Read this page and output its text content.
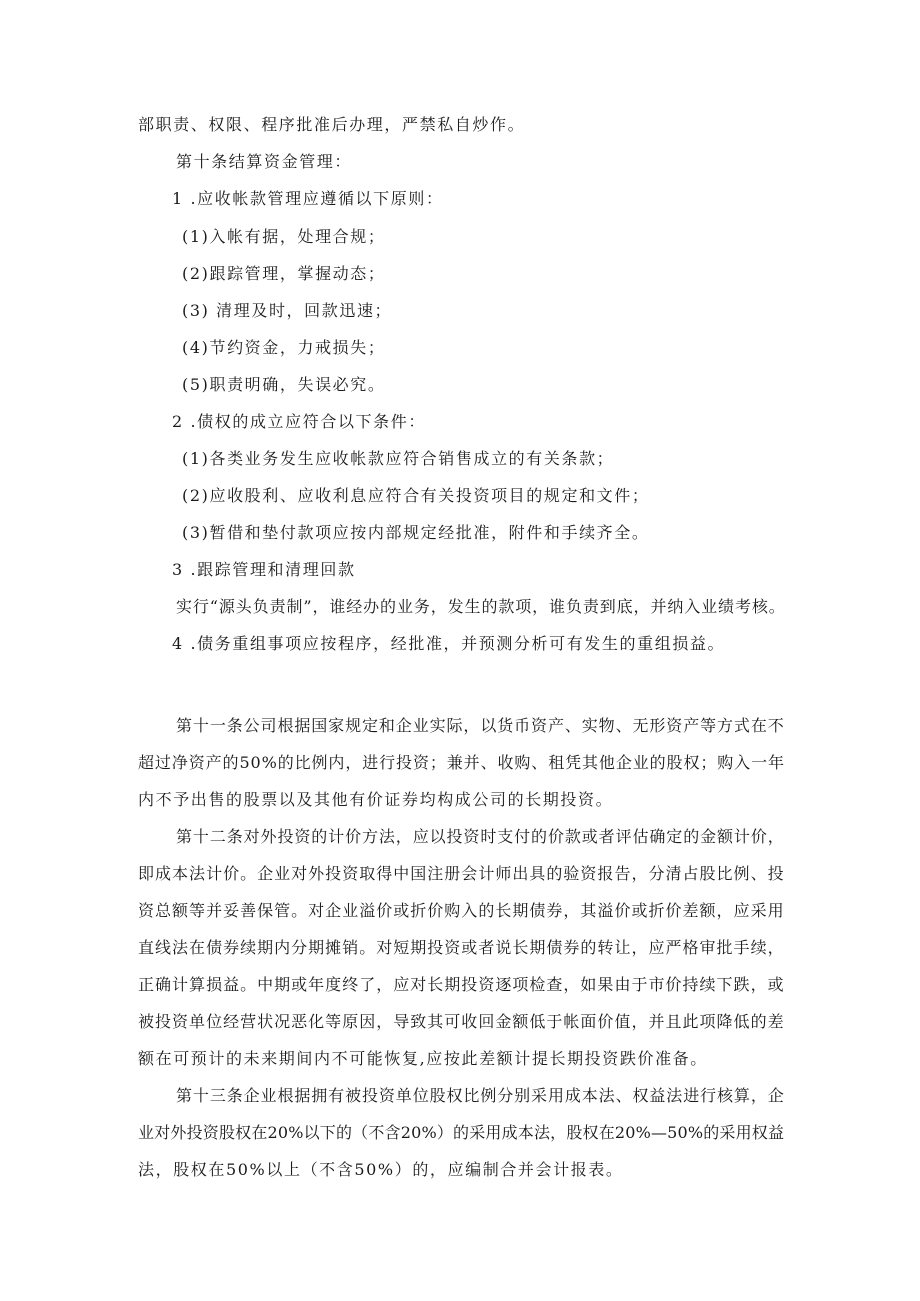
部职责、权限、程序批准后办理，严禁私自炒作。

第十条结算资金管理：

1 .应收帐款管理应遵循以下原则：

(1)入帐有据，处理合规；

(2)跟踪管理，掌握动态；

(3) 清理及时，回款迅速；

(4)节约资金，力戒损失；

(5)职责明确，失误必究。

2 .债权的成立应符合以下条件：

(1)各类业务发生应收帐款应符合销售成立的有关条款；

(2)应收股利、应收利息应符合有关投资项目的规定和文件；

(3)暂借和垫付款项应按内部规定经批准，附件和手续齐全。

3 .跟踪管理和清理回款

实行“源头负责制”，谁经办的业务，发生的款项，谁负责到底，并纳入业绩考核。

4 .债务重组事项应按程序，经批准，并预测分析可有发生的重组损益。

第 十 一 条 公 司 根 据 国 家 规 定 和 企 业 实 际 ， 以 货 币 资 产 、 实 物 、 无 形 资 产 等 方 式 在 不

超 过 净 资 产 的 5 0 % 的 比 例 内 ， 进 行 投 资 ； 兼 并 、 收 购 、 租 凭 其 他 企 业 的 股 权 ； 购 入 一 年

内不予出售的股票以及其他有价证券均构成公司的长期投资。

第 十 二 条 对 外 投 资 的 计 价 方 法 ， 应 以 投 资 时 支 付 的 价 款 或 者 评 估 确 定 的 金 额 计 价 ，

即 成 本 法 计 价 。 企 业 对 外 投 资 取 得 中 国 注 册 会 计 师 出 具 的 验 资 报 告 ， 分 清 占 股 比 例 、 投

资 总 额 等 并 妥 善 保 管 。 对 企 业 溢 价 或 折 价 购 入 的 长 期 债 券 ， 其 溢 价 或 折 价 差 额 ， 应 采 用

直 线 法 在 债 券 续 期 内 分 期 摊 销 。 对 短 期 投 资 或 者 说 长 期 债 券 的 转 让 ， 应 严 格 审 批 手 续 ，

正 确 计 算 损 益 。 中 期 或 年 度 终 了 ， 应 对 长 期 投 资 逐 项 检 查 ， 如 果 由 于 市 价 持 续 下 跌 ， 或

被 投 资 单 位 经 营 状 况 恶 化 等 原 因 ， 导 致 其 可 收 回 金 额 低 于 帐 面 价 值 ， 并 且 此 项 降 低 的 差

额在可预计的未来期间内不可能恢复,应按此差额计提长期投资跌价准备。

第 十 三 条 企 业 根 据 拥 有 被 投 资 单 位 股 权 比 例 分 别 采 用 成 本 法 、 权 益 法 进 行 核 算 ， 企

业 对 外 投 资 股 权 在 2 0 % 以 下 的 （ 不 含 2 0 % ） 的 采 用 成 本 法 ， 股 权 在 2 0 % — 5 0 % 的 采 用 权 益

法，股权在50%以上（不含50%）的，应编制合并会计报表。
